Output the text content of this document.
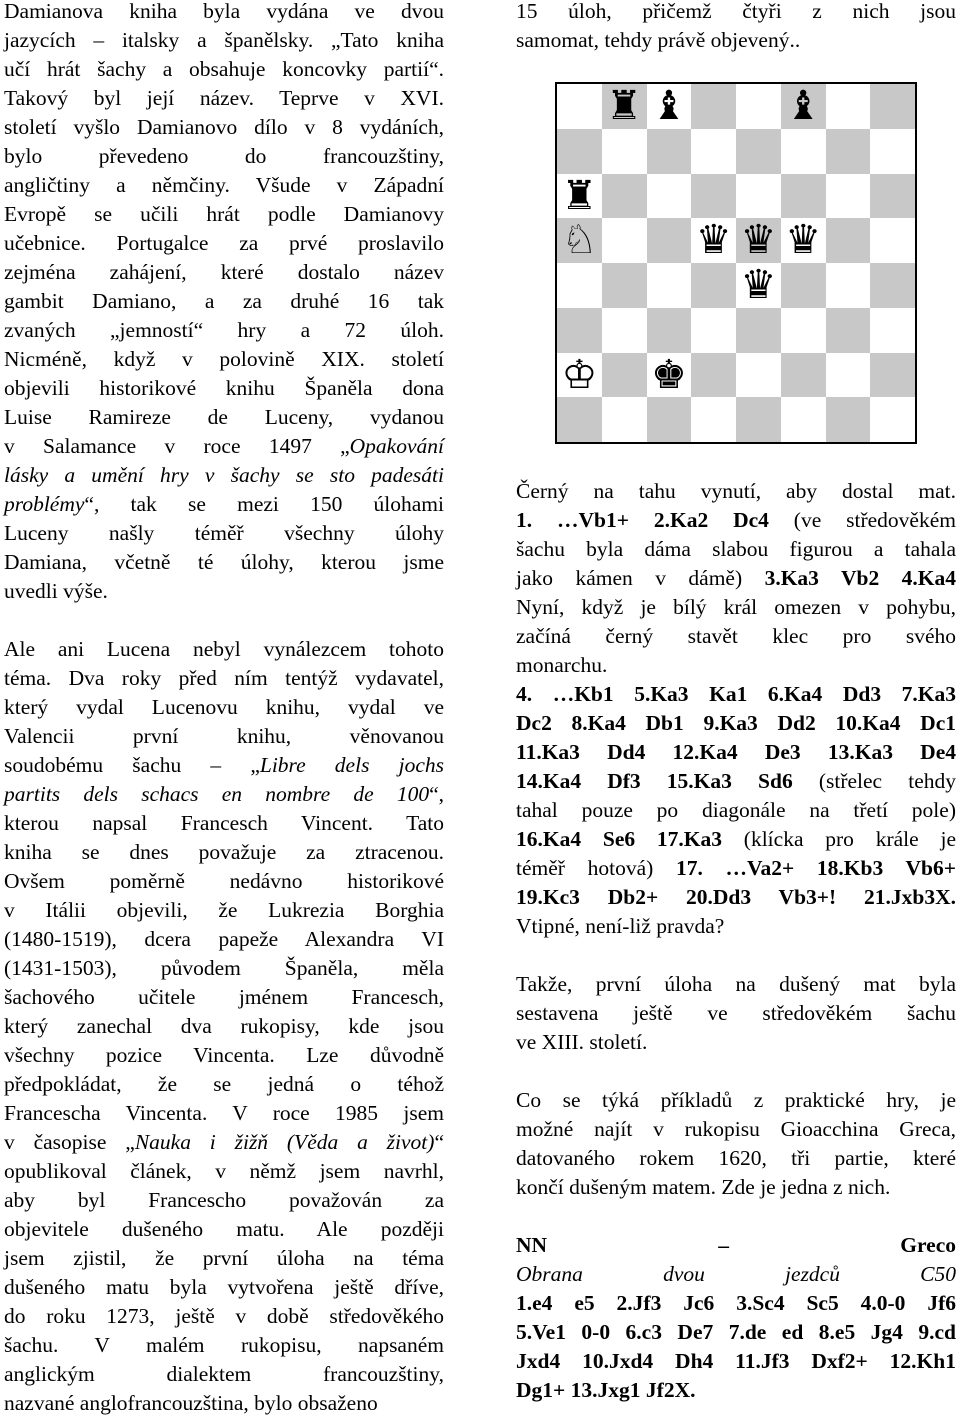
Damianova kniha byla vydána ve dvou
jazycích – italsky a španělsky. „Tato kniha
učí hrát šachy a obsahuje koncovky partií“.
Takový byl její název. Teprve v XVI.
století vyšlo Damianovo dílo v 8 vydáních,
bylo převedeno do francouzštiny,
angličtiny a němčiny. Všude v Západní
Evropě se učili hrát podle Damianovy
učebnice. Portugalce za prvé proslavilo
zejména zahájení, které dostalo název
gambit Damiano, a za druhé 16 tak
zvaných „jemností“ hry a 72 úloh.
Nicméně, když v polovině XIX. století
objevili historikové knihu Španěla dona
Luise Ramireze de Luceny, vydanou
v Salamance v roce 1497 „Opakování
lásky a umění hry v šachy se sto padesáti
problémy“, tak se mezi 150 úlohami
Luceny našly téměř všechny úlohy
Damiana, včetně té úlohy, kterou jsme
uvedli výše.
Ale ani Lucena nebyl vynálezcem tohoto
téma. Dva roky před ním tentýž vydavatel,
který vydal Lucenovu knihu, vydal ve
Valencii první knihu, věnovanou
soudobému šachu – „Libre dels jochs
partits dels schacs en nombre de 100“,
kterou napsal Francesch Vincent. Tato
kniha se dnes považuje za ztracenou.
Ovšem poměrně nedávno historikové
v Itálii objevili, že Lukrezia Borghia
(1480-1519), dcera papeže Alexandra VI
(1431-1503), původem Španěla, měla
šachového učitele jménem Francesch,
který zanechal dva rukopisy, kde jsou
všechny pozice Vincenta. Lze důvodně
předpokládat, že se jedná o téhož
Francescha Vincenta. V roce 1985 jsem
v časopise „Nauka i žižň (Věda a život)“
opublikoval článek, v němž jsem navrhl,
aby byl Francescho považován za
objevitele dušeného matu. Ale později
jsem zjistil, že první úloha na téma
dušeného matu byla vytvořena ještě dříve,
do roku 1273, ještě v době středověkého
šachu. V malém rukopisu, napsaném
anglickým dialektem francouzštiny,
nazvané anglofrancouzština, bylo obsaženo
15 úloh, přičemž čtyři z nich jsou
samomat, tehdy právě objevený..
♜ ♝ ♝
♜
♘ ♛ ♛ ♛
♛
♔ ♚
Černý na tahu vynutí, aby dostal mat.
1. …Vb1+ 2.Ka2 Dc4 (ve středověkém
šachu byla dáma slabou figurou a tahala
jako kámen v dámě) 3.Ka3 Vb2 4.Ka4
Nyní, když je bílý král omezen v pohybu,
začíná černý stavět klec pro svého
monarchu.
4. …Kb1 5.Ka3 Ka1 6.Ka4 Dd3 7.Ka3
Dc2 8.Ka4 Db1 9.Ka3 Dd2 10.Ka4 Dc1
11.Ka3 Dd4 12.Ka4 De3 13.Ka3 De4
14.Ka4 Df3 15.Ka3 Sd6 (střelec tehdy
tahal pouze po diagonále na třetí pole)
16.Ka4 Se6 17.Ka3 (klícka pro krále je
téměř hotová) 17. …Va2+ 18.Kb3 Vb6+
19.Kc3 Db2+ 20.Dd3 Vb3+! 21.Jxb3X.
Vtipné, není-liž pravda?
Takže, první úloha na dušený mat byla
sestavena ještě ve středověkém šachu
ve XIII. století.
Co se týká příkladů z praktické hry, je
možné najít v rukopisu Gioacchina Greca,
datovaného rokem 1620, tři partie, které
končí dušeným matem. Zde je jedna z nich.
NN – Greco
Obrana dvou jezdců C50
1.e4 e5 2.Jf3 Jc6 3.Sc4 Sc5 4.0-0 Jf6
5.Ve1 0-0 6.c3 De7 7.de ed 8.e5 Jg4 9.cd
Jxd4 10.Jxd4 Dh4 11.Jf3 Dxf2+ 12.Kh1
Dg1+ 13.Jxg1 Jf2X.
